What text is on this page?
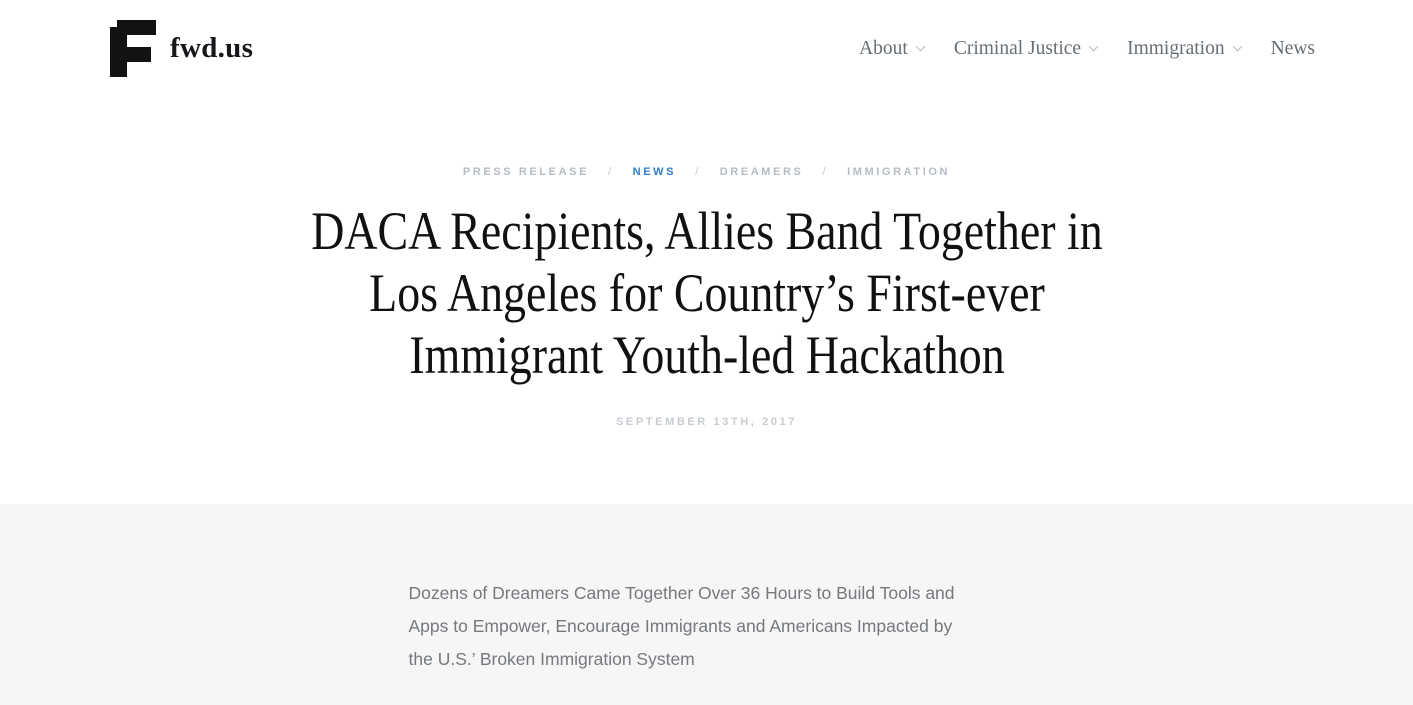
fwd.us	About Criminal Justice Immigration News
PRESS RELEASE / NEWS / DREAMERS / IMMIGRATION
DACA Recipients, Allies Band Together in
Los Angeles for Country’s First-ever
Immigrant Youth-led Hackathon
SEPTEMBER 13TH, 2017

Dozens of Dreamers Came Together Over 36 Hours to Build Tools and
Apps to Empower, Encourage Immigrants and Americans Impacted by
the U.S.’ Broken Immigration System
